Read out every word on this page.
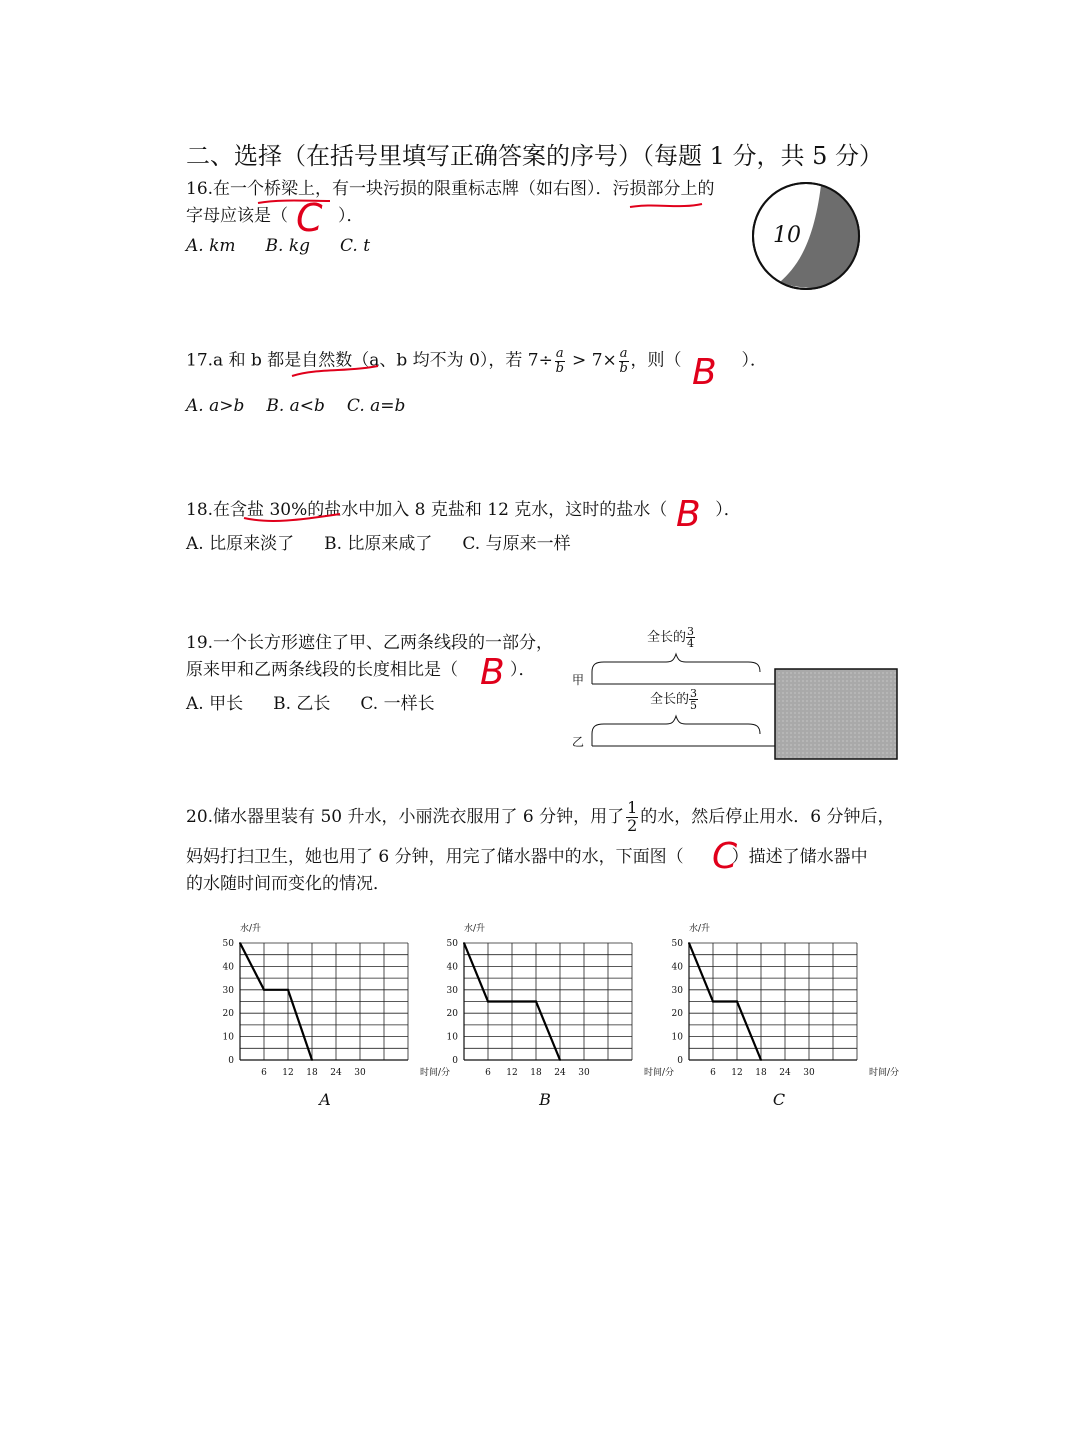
二、选择（在括号里填写正确答案的序号）（每题 1 分，共 5 分）
16.在一个桥梁上，有一块污损的限重标志牌（如右图）．污损部分上的
字母应该是（	）．
C
A. km B. kg C. t	10
17.a 和 b 都是自然数（a、b 均不为 0），若 $7\div \frac{a}{b} > 7\times \frac{a}{b}$ ，则（	）．
B
A. a>b B. a<b C. a=b
18.在含盐 30%的盐水中加入 8 克盐和 12 克水，这时的盐水（	）．
B
A. 比原来淡了 B. 比原来咸了 C. 与原来一样
19.一个长方形遮住了甲、乙两条线段的一部分，
原来甲和乙两条线段的长度相比是（	）．
B
A. 甲长 B. 乙长 C. 一样长
甲
乙
全长的 $\frac{3}{4}$
全长的 $\frac{3}{5}$
20.储水器里装有 50 升水，小丽洗衣服用了 6 分钟，用了 $\frac{1}{2}$ 的水，然后停止用水．6 分钟后，
妈妈打扫卫生，她也用了 6 分钟，用完了储水器中的水，下面图（	）描述了储水器中
C
的水随时间而变化的情况．
0
10
20
30
40
50
6 12 18 24 30
水/升
时间/分
A
0
10
20
30
40
50
6 12 18 24 30
水/升
时间/分
B
0
10
20
30
40
50
6 12 18 24 30
水/升
时间/分
C
